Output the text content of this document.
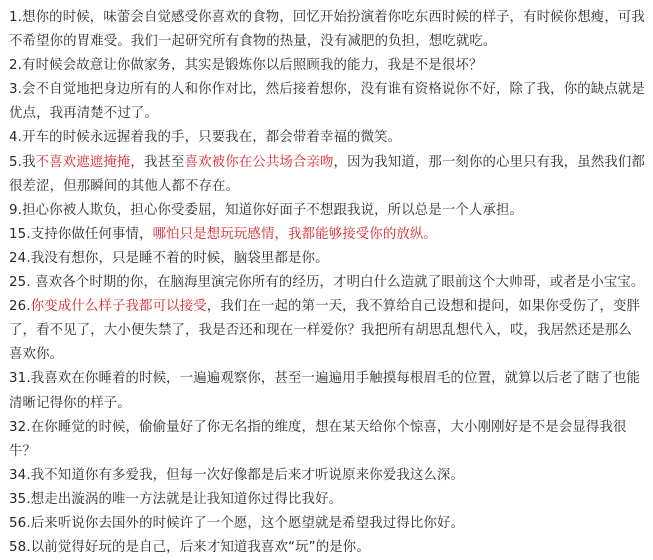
1.想你的时候，味蕾会自觉感受你喜欢的食物，回忆开始扮演着你吃东西时候的样子，有时候你想瘦，可我不希望你的胃难受。我们一起研究所有食物的热量，没有减肥的负担，想吃就吃。

2.有时候会故意让你做家务，其实是锻炼你以后照顾我的能力，我是不是很坏？

3.会不自觉地把身边所有的人和你作对比，然后接着想你，没有谁有资格说你不好，除了我，你的缺点就是优点，我再清楚不过了。

4.开车的时候永远握着我的手，只要我在，都会带着幸福的微笑。

5.我不喜欢遮遮掩掩，我甚至喜欢被你在公共场合亲吻，因为我知道，那一刻你的心里只有我，虽然我们都很差涩，但那瞬间的其他人都不存在。

9.担心你被人欺负，担心你受委屈，知道你好面子不想跟我说，所以总是一个人承担。

15.支持你做任何事情，哪怕只是想玩玩感情，我都能够接受你的放纵。

24.我没有想你，只是睡不着的时候，脑袋里都是你。

25. 喜欢各个时期的你，在脑海里演完你所有的经历，才明白什么造就了眼前这个大帅哥，或者是小宝宝。

26.你变成什么样子我都可以接受，我们在一起的第一天，我不算给自己设想和提问，如果你受伤了，变胖了，看不见了，大小便失禁了，我是否还和现在一样爱你？我把所有胡思乱想代入，哎，我居然还是那么喜欢你。

31.我喜欢在你睡着的时候，一遍遍观察你，甚至一遍遍用手触摸每根眉毛的位置，就算以后老了瞎了也能清晰记得你的样子。

32.在你睡觉的时候，偷偷量好了你无名指的维度，想在某天给你个惊喜，大小刚刚好是不是会显得我很牛？

34.我不知道你有多爱我，但每一次好像都是后来才听说原来你爱我这么深。

35.想走出漩涡的唯一方法就是让我知道你过得比我好。

56.后来听说你去国外的时候许了一个愿，这个愿望就是希望我过得比你好。

58.以前觉得好玩的是自己，后来才知道我喜欢“玩”的是你。
